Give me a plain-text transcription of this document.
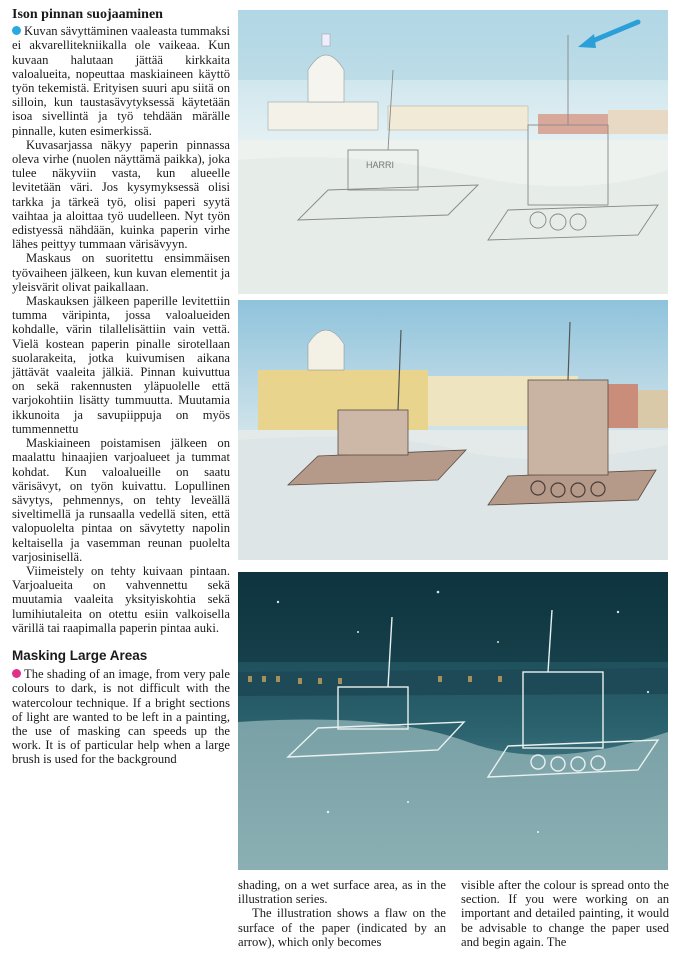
Ison pinnan suojaaminen

Kuvan sävyttäminen vaaleasta tummaksi ei akvarellitekniikalla ole vaikeaa. Kun kuvaan halutaan jättää kirkkaita valoalueita, nopeuttaa maskiaineen käyttö työn tekemistä. Erityisen suuri apu siitä on silloin, kun taustasävytyksessä käytetään isoa sivellintä ja työ tehdään märälle pinnalle, kuten esimerkissä.

Kuvasarjassa näkyy paperin pinnassa oleva virhe (nuolen näyttämä paikka), joka tulee näkyviin vasta, kun alueelle levitetään väri. Jos kysymyksessä olisi tarkka ja tärkeä työ, olisi paperi syytä vaihtaa ja aloittaa työ uudelleen. Nyt työn edistyessä nähdään, kuinka paperin virhe lähes peittyy tummaan värisävyyn.

Maskaus on suoritettu ensimmäisen työvaiheen jälkeen, kun kuvan elementit ja yleisvärit olivat paikallaan.

Maskauksen jälkeen paperille levitettiin tumma väripinta, jossa valoalueiden kohdalle, värin tilallelisättiin vain vettä. Vielä kostean paperin pinalle sirotellaan suolarakeita, jotka kuivumisen aikana jättävät vaaleita jälkiä. Pinnan kuivuttua on sekä rakennusten yläpuolelle että varjokohtiin lisätty tummuutta. Muutamia ikkunoita ja savupiippuja on myös tummennettu

Maskiaineen poistamisen jälkeen on maalattu hinaajien varjoalueet ja tummat kohdat. Kun valoalueille on saatu värisävyt, on työn kuivattu. Lopullinen sävytys, pehmennys, on tehty leveällä siveltimellä ja runsaalla vedellä siten, että valopuolelta pintaa on sävytetty napolin keltaisella ja vasemman reunan puolelta varjosinisellä.

Viimeistely on tehty kuivaan pintaan. Varjoalueita on vahvennettu sekä muutamia vaaleita yksityiskohtia sekä lumihiutaleita on otettu esiin valkoisella värillä tai raapimalla paperin pintaa auki.

Masking Large Areas

The shading of an image, from very pale colours to dark, is not difficult with the watercolour technique. If a bright sections of light are wanted to be left in a painting, the use of masking can speeds up the work. It is of particular help when a large brush is used for the background

HARRI

shading, on a wet surface area, as in the illustration series.

The illustration shows a flaw on the surface of the paper (indicated by an arrow), which only becomes

visible after the colour is spread onto the section. If you were working on an important and detailed painting, it would be advisable to change the paper used and begin again. The
